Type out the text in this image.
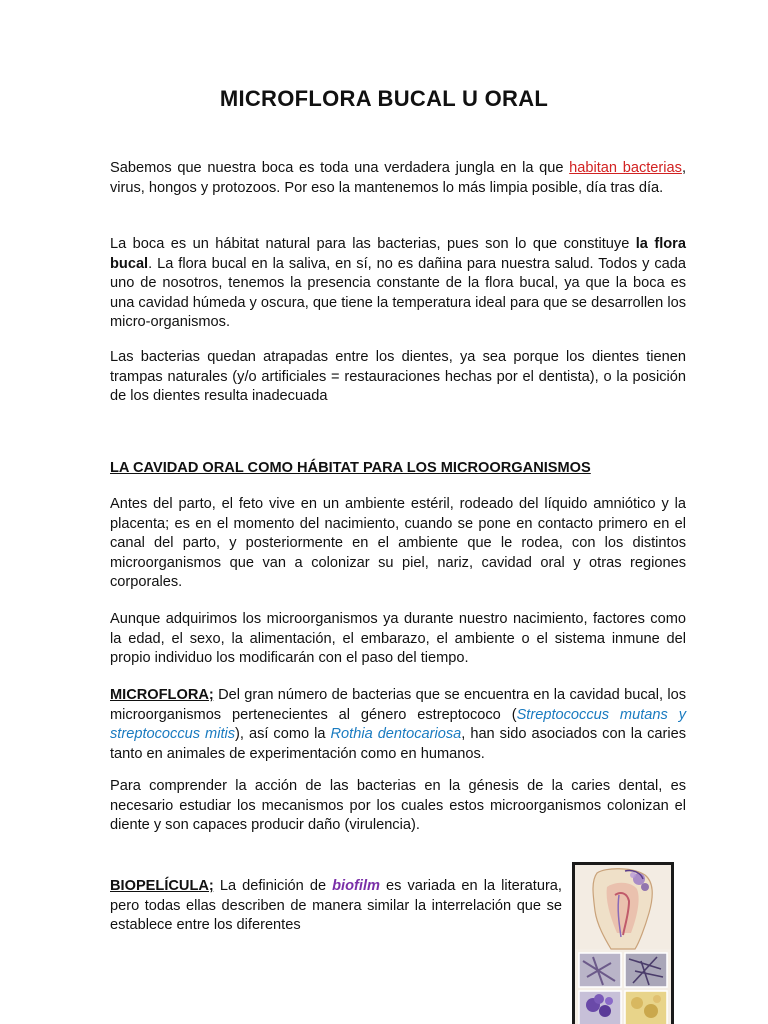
MICROFLORA BUCAL U ORAL

Sabemos que nuestra boca es toda una verdadera jungla en la que habitan bacterias, virus, hongos y protozoos. Por eso la mantenemos lo más limpia posible, día tras día.

La boca es un hábitat natural para las bacterias, pues son lo que constituye la flora bucal. La flora bucal en la saliva, en sí, no es dañina para nuestra salud. Todos y cada uno de nosotros, tenemos la presencia constante de la flora bucal, ya que la boca es una cavidad húmeda y oscura, que tiene la temperatura ideal para que se desarrollen los micro-organismos.

Las bacterias quedan atrapadas entre los dientes, ya sea porque los dientes tienen trampas naturales (y/o artificiales = restauraciones hechas por el dentista), o la posición de los dientes resulta inadecuada

LA CAVIDAD ORAL COMO HÁBITAT PARA LOS MICROORGANISMOS

Antes del parto, el feto vive en un ambiente estéril, rodeado del líquido amniótico y la placenta; es en el momento del nacimiento, cuando se pone en contacto primero en el canal del parto, y posteriormente en el ambiente que le rodea, con los distintos microorganismos que van a colonizar su piel, nariz, cavidad oral y otras regiones corporales.

Aunque adquirimos los microorganismos ya durante nuestro nacimiento, factores como la edad, el sexo, la alimentación, el embarazo, el ambiente o el sistema inmune del propio individuo los modificarán con el paso del tiempo.

MICROFLORA; Del gran número de bacterias que se encuentra en la cavidad bucal, los microorganismos pertenecientes al género estreptococo (Streptococcus mutans y streptococcus mitis), así como la Rothia dentocariosa, han sido asociados con la caries tanto en animales de experimentación como en humanos.

Para comprender la acción de las bacterias en la génesis de la caries dental, es necesario estudiar los mecanismos por los cuales estos microorganismos colonizan el diente y son capaces producir daño (virulencia).

BIOPELÍCULA; La definición de biofilm es variada en la literatura, pero todas ellas describen de manera similar la interrelación que se establece entre los diferentes
